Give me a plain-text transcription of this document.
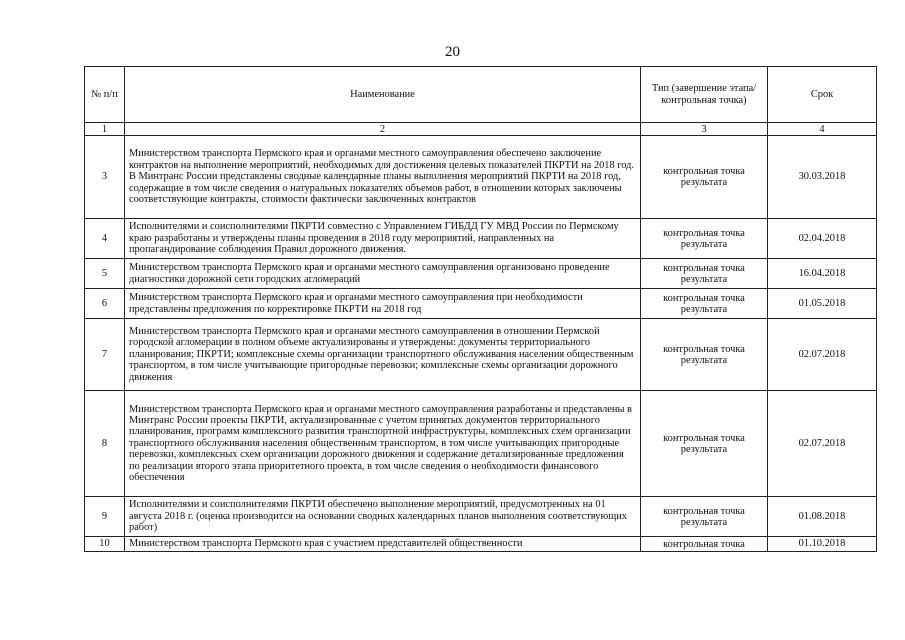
20
№ п/п	Наименование	Тип (завершение этапа/контрольная точка)	Срок
1	2	3	4
3	Министерством транспорта Пермского края и органами местного самоуправления обеспечено заключение контрактов на выполнение мероприятий, необходимых для достижения целевых показателей ПКРТИ на 2018 год. В Минтранс России представлены сводные календарные планы выполнения мероприятий ПКРТИ на 2018 год, содержащие в том числе сведения о натуральных показателях объемов работ, в отношении которых заключены соответствующие контракты, стоимости фактически заключенных контрактов	контрольная точка результата	30.03.2018
4	Исполнителями и соисполнителями ПКРТИ совместно с Управлением ГИБДД ГУ МВД России по Пермскому краю разработаны и утверждены планы проведения в 2018 году мероприятий, направленных на пропагандирование соблюдения Правил дорожного движения.	контрольная точка результата	02.04.2018
5	Министерством транспорта Пермского края и органами местного самоуправления организовано проведение диагностики дорожной сети городских агломераций	контрольная точка результата	16.04.2018
6	Министерством транспорта Пермского края и органами местного самоуправления при необходимости представлены предложения по корректировке ПКРТИ на 2018 год	контрольная точка результата	01.05.2018
7	Министерством транспорта Пермского края и органами местного самоуправления в отношении Пермской городской агломерации в полном объеме актуализированы и утверждены: документы территориального планирования; ПКРТИ; комплексные схемы организации транспортного обслуживания населения общественным транспортом, в том числе учитывающие пригородные перевозки; комплексные схемы организации дорожного движения	контрольная точка результата	02.07.2018
8	Министерством транспорта Пермского края и органами местного самоуправления разработаны и представлены в Минтранс России проекты ПКРТИ, актуализированные с учетом принятых документов территориального планирования, программ комплексного развития транспортной инфраструктуры, комплексных схем организации транспортного обслуживания населения общественным транспортом, в том числе учитывающих пригородные перевозки, комплексных схем организации дорожного движения и содержание детализированные предложения по реализации второго этапа приоритетного проекта, в том числе сведения о необходимости финансового обеспечения	контрольная точка результата	02.07.2018
9	Исполнителями и соисполнителями ПКРТИ обеспечено выполнение мероприятий, предусмотренных на 01 августа 2018 г. (оценка производится на основании сводных календарных планов выполнения соответствующих работ)	контрольная точка результата	01.08.2018
10	Министерством транспорта Пермского края с участием представителей общественности	контрольная точка	01.10.2018
